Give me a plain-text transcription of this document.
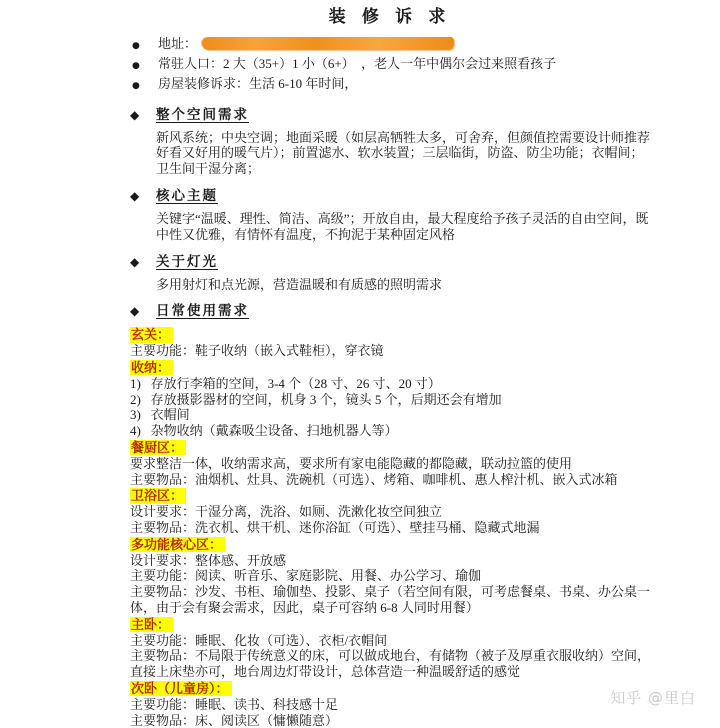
装 修 诉 求
●	地址：
●	常驻人口：2 大（35+）1 小（6+）  ，老人一年中偶尔会过来照看孩子
●	房屋装修诉求：生活 6-10 年时间，
◆	整个空间需求

新风系统；中央空调；地面采暖（如层高牺牲太多，可舍弃，但颜值控需要设计师推荐好看又好用的暖气片）；前置滤水、软水装置；三层临街，防盗、防尘功能；衣帽间；卫生间干湿分离；

◆	核心主题

关键字“温暖、理性、简洁、高级”；开放自由，最大程度给予孩子灵活的自由空间，既中性又优雅，有情怀有温度，不拘泥于某种固定风格

◆	关于灯光

多用射灯和点光源，营造温暖和有质感的照明需求

◆	日常使用需求
玄关：

主要功能：鞋子收纳（嵌入式鞋柜），穿衣镜

收纳：

1)   存放行李箱的空间，3-4 个（28 寸、26 寸、20 寸）

2)   存放摄影器材的空间，机身 3 个，镜头 5 个，后期还会有增加

3)   衣帽间

4)   杂物收纳（戴森吸尘设备、扫地机器人等）

餐厨区：

要求整洁一体，收纳需求高，要求所有家电能隐藏的都隐藏，联动拉篮的使用

主要物品：油烟机、灶具、洗碗机（可选）、烤箱、咖啡机、惠人榨汁机、嵌入式冰箱

卫浴区：

设计要求：干湿分离，洗浴、如厕、洗漱化妆空间独立

主要物品：洗衣机、烘干机、迷你浴缸（可选）、壁挂马桶、隐藏式地漏

多功能核心区：

设计要求：整体感、开放感

主要功能：阅读、听音乐、家庭影院、用餐、办公学习、瑜伽

主要物品：沙发、书柜、瑜伽垫、投影、桌子（若空间有限，可考虑餐桌、书桌、办公桌一体，由于会有聚会需求，因此，桌子可容纳 6-8 人同时用餐）

主卧：

主要功能：睡眠、化妆（可选）、衣柜/衣帽间

主要物品：不局限于传统意义的床，可以做成地台，有储物（被子及厚重衣服收纳）空间，直接上床垫亦可，地台周边灯带设计，总体营造一种温暖舒适的感觉

次卧（儿童房）：

主要功能：睡眠、读书、科技感十足

主要物品：床、阅读区（慵懒随意）

知乎 @里白
